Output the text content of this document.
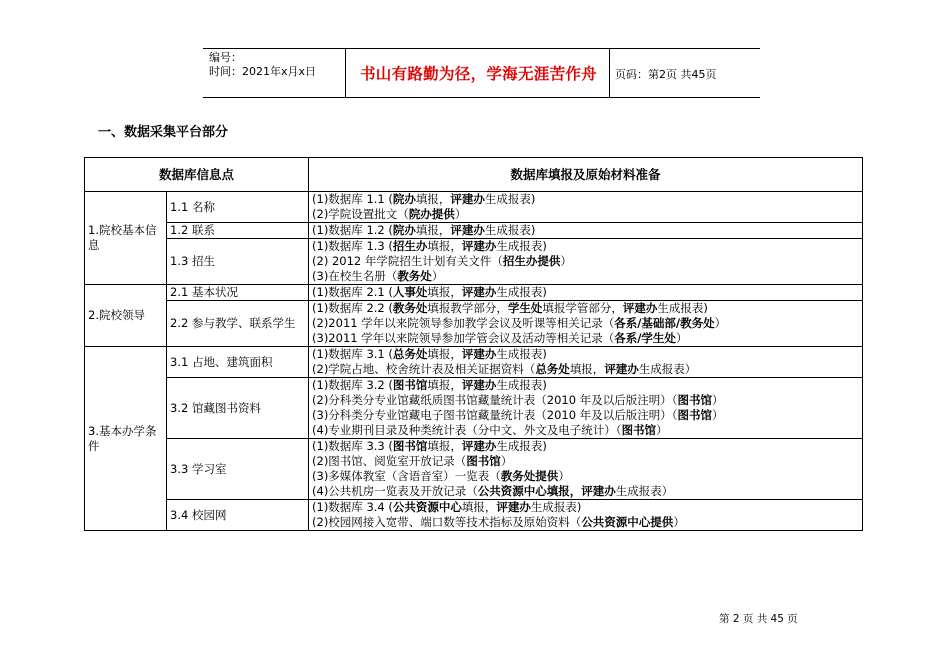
编号：
时间：2021年x月x日	书山有路勤为径，学海无涯苦作舟	页码：第2页 共45页
一、数据采集平台部分
数据库信息点		数据库填报及原始材料准备
1.院校基本信息	1.1 名称	(1)数据库 1.1 (院办填报，评建办生成报表)
(2)学院设置批文（院办提供）

	1.2 联系	(1)数据库 1.2 (院办填报，评建办生成报表)

	1.3 招生	(1)数据库 1.3 (招生办填报，评建办生成报表)
(2) 2012 年学院招生计划有关文件（招生办提供）
(3)在校生名册（教务处）

2.院校领导	2.1 基本状况	(1)数据库 2.1 (人事处填报，评建办生成报表)

	2.2 参与教学、联系学生	(1)数据库 2.2 (教务处填报教学部分，学生处填报学管部分，评建办生成报表)
(2)2011 学年以来院领导参加教学会议及听课等相关记录（各系/基础部/教务处）
(3)2011 学年以来院领导参加学管会议及活动等相关记录（各系/学生处）

3.基本办学条件	3.1 占地、建筑面积	(1)数据库 3.1 (总务处填报，评建办生成报表)
(2)学院占地、校舍统计表及相关证据资料（总务处填报，评建办生成报表）

	3.2 馆藏图书资料	(1)数据库 3.2 (图书馆填报，评建办生成报表)
(2)分科类分专业馆藏纸质图书馆藏量统计表（2010 年及以后版注明）（图书馆）
(3)分科类分专业馆藏电子图书馆藏量统计表（2010 年及以后版注明）（图书馆）
(4)专业期刊目录及种类统计表（分中文、外文及电子统计）（图书馆）

	3.3 学习室	(1)数据库 3.3 (图书馆填报，评建办生成报表)
(2)图书馆、阅览室开放记录（图书馆）
(3)多媒体教室（含语音室）一览表（教务处提供）
(4)公共机房一览表及开放记录（公共资源中心填报，评建办生成报表）

	3.4 校园网	(1)数据库 3.4 (公共资源中心填报，评建办生成报表)
(2)校园网接入宽带、端口数等技术指标及原始资料（公共资源中心提供）
第 2 页 共 45 页
